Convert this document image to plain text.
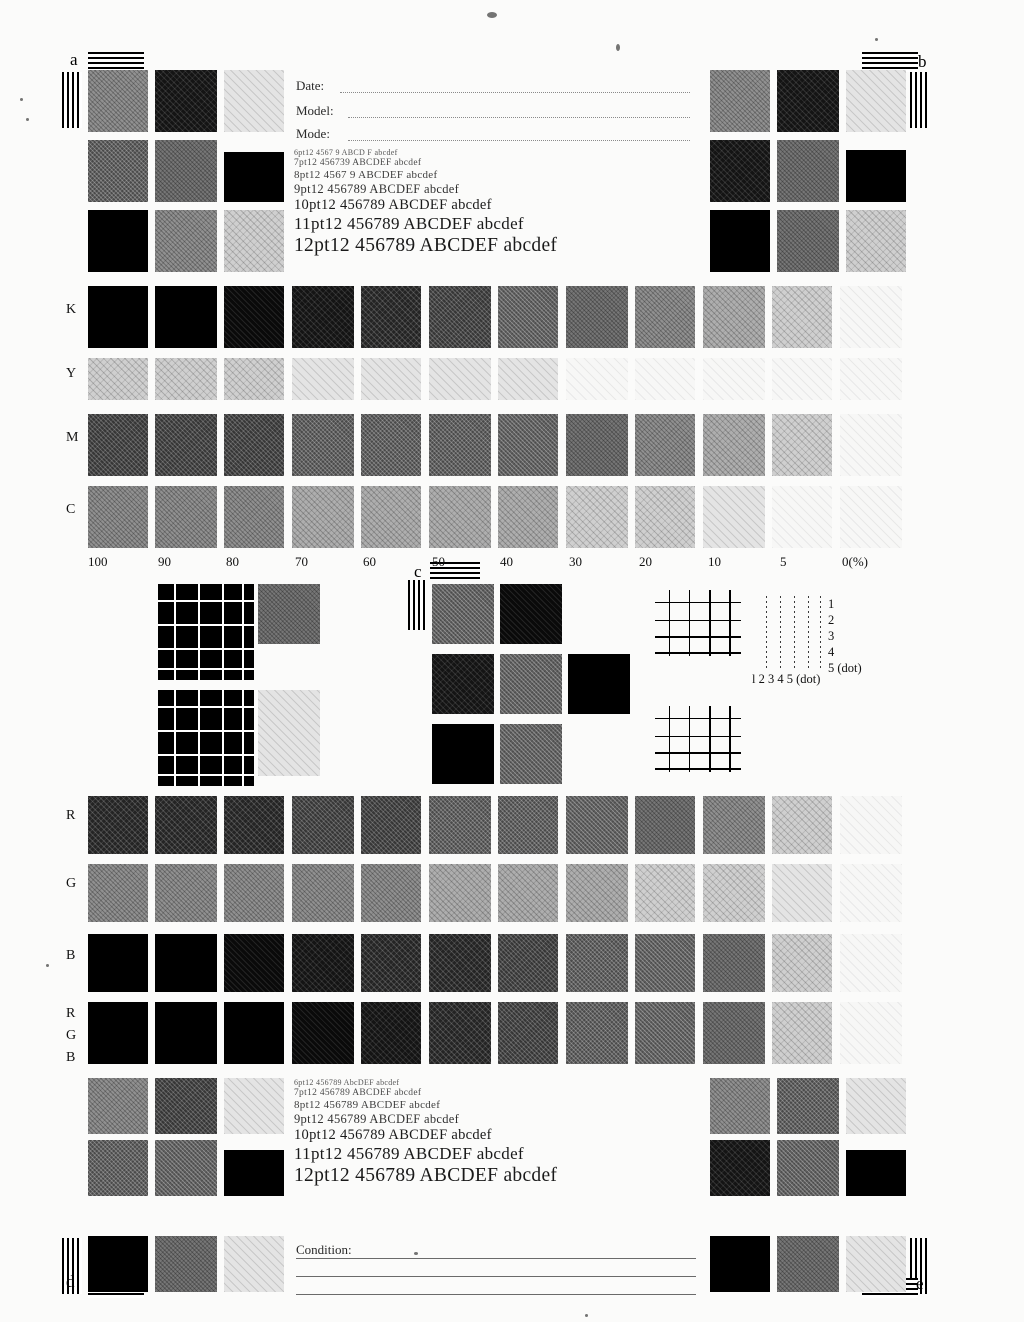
a	b
c
d	e
Date:
Model:
Mode:
6pt12 4567 9 ABCD F abcdef
7pt12 456739 ABCDEF abcdef
8pt12 4567 9 ABCDEF abcdef
9pt12 456789 ABCDEF abcdef
10pt12 456789 ABCDEF abcdef
11pt12 456789 ABCDEF abcdef
12pt12 456789 ABCDEF abcdef
K
Y
M
C
100	90	80	70	60	50	40	30	20	10	5	0(%)
1
2
3
4
5 (dot)
l 2 3 4 5 (dot)
R
G
B
R
G
B
6pt12 456789 AbcDEF abcdef
7pt12 456789 ABCDEF abcdef
8pt12 456789 ABCDEF abcdef
9pt12 456789 ABCDEF abcdef
10pt12 456789 ABCDEF abcdef
11pt12 456789 ABCDEF abcdef
12pt12 456789 ABCDEF abcdef
Condition:
